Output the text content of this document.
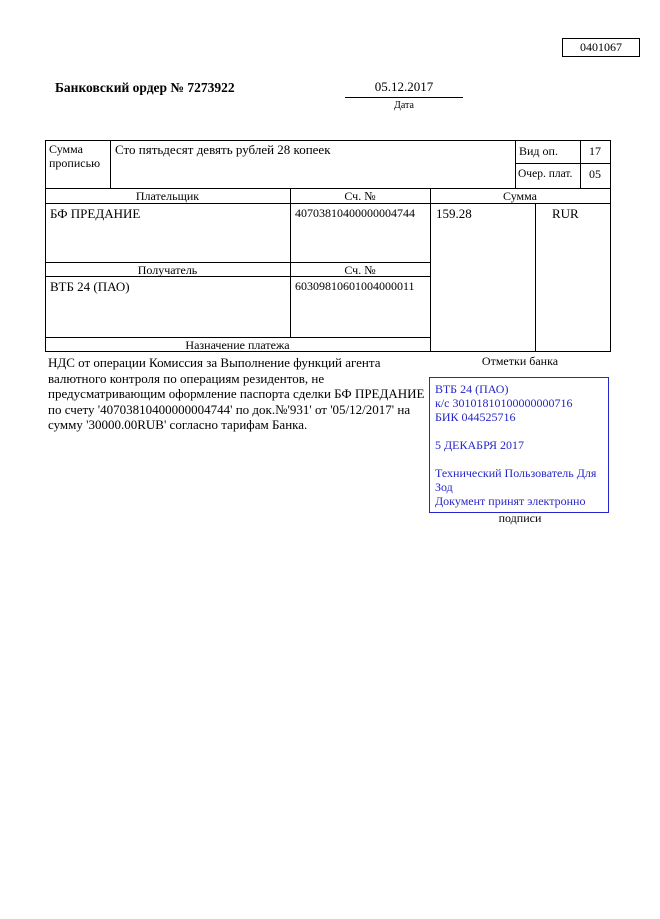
0401067
Банковский ордер № 7273922	05.12.2017
Дата
Сумма прописью
Сто пятьдесят девять рублей 28 копеек	Вид оп.	17
Очер. плат.	05
Плательщик	Сч. №	Сумма
БФ ПРЕДАНИЕ	40703810400000004744	159.28	RUR
Получатель	Сч. №
ВТБ 24 (ПАО)	60309810601004000011
Назначение платежа
НДС от операции Комиссия за Выполнение функций агента валютного контроля по операциям резидентов, не предусматривающим оформление паспорта сделки БФ ПРЕДАНИЕ по счету '40703810400000004744' по док.№'931' от '05/12/2017' на сумму '30000.00RUB' согласно тарифам Банка.
Отметки банка
ВТБ 24 (ПАО)
к/с 30101810100000000716
БИК 044525716
5 ДЕКАБРЯ 2017
Технический Пользователь Для Зод
Документ принят электронно
подписи
